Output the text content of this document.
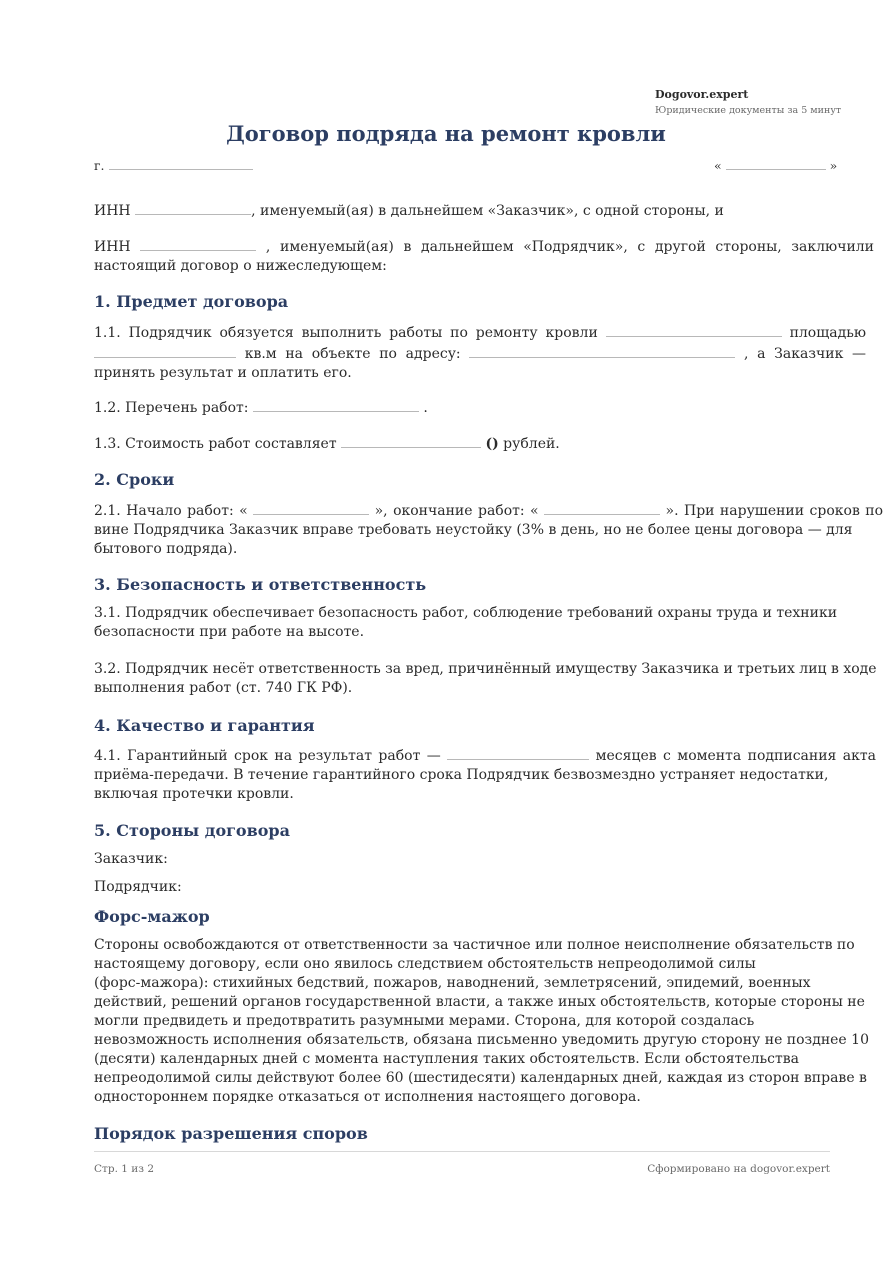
Dogovor.expert
Юридические документы за 5 минут
Договор подряда на ремонт кровли
г.	«	»
ИНН	, именуемый(ая) в дальнейшем «Заказчик», с одной стороны, и
ИНН	, именуемый(ая) в дальнейшем «Подрядчик», с другой стороны, заключили
настоящий договор о нижеследующем:
1. Предмет договора
1.1. Подрядчик обязуется выполнить работы по ремонту кровли	площадью
кв.м на объекте по адресу:	, а Заказчик —
принять результат и оплатить его.
1.2. Перечень работ:	.
1.3. Стоимость работ составляет	() рублей.
2. Сроки
2.1. Начало работ: «	», окончание работ: «	». При нарушении сроков по
вине Подрядчика Заказчик вправе требовать неустойку (3% в день, но не более цены договора — для
бытового подряда).
3. Безопасность и ответственность
3.1. Подрядчик обеспечивает безопасность работ, соблюдение требований охраны труда и техники безопасности при работе на высоте.
3.2. Подрядчик несёт ответственность за вред, причинённый имуществу Заказчика и третьих лиц в ходе выполнения работ (ст. 740 ГК РФ).
4. Качество и гарантия
4.1. Гарантийный срок на результат работ —	месяцев с момента подписания акта
приёма-передачи. В течение гарантийного срока Подрядчик безвозмездно устраняет недостатки,
включая протечки кровли.
5. Стороны договора
Заказчик:
Подрядчик:
Форс-мажор
Стороны освобождаются от ответственности за частичное или полное неисполнение обязательств по
настоящему договору, если оно явилось следствием обстоятельств непреодолимой силы
(форс-мажора): стихийных бедствий, пожаров, наводнений, землетрясений, эпидемий, военных
действий, решений органов государственной власти, а также иных обстоятельств, которые стороны не
могли предвидеть и предотвратить разумными мерами. Сторона, для которой создалась
невозможность исполнения обязательств, обязана письменно уведомить другую сторону не позднее 10
(десяти) календарных дней с момента наступления таких обстоятельств. Если обстоятельства
непреодолимой силы действуют более 60 (шестидесяти) календарных дней, каждая из сторон вправе в
одностороннем порядке отказаться от исполнения настоящего договора.
Порядок разрешения споров
Стр. 1 из 2	Сформировано на dogovor.expert
